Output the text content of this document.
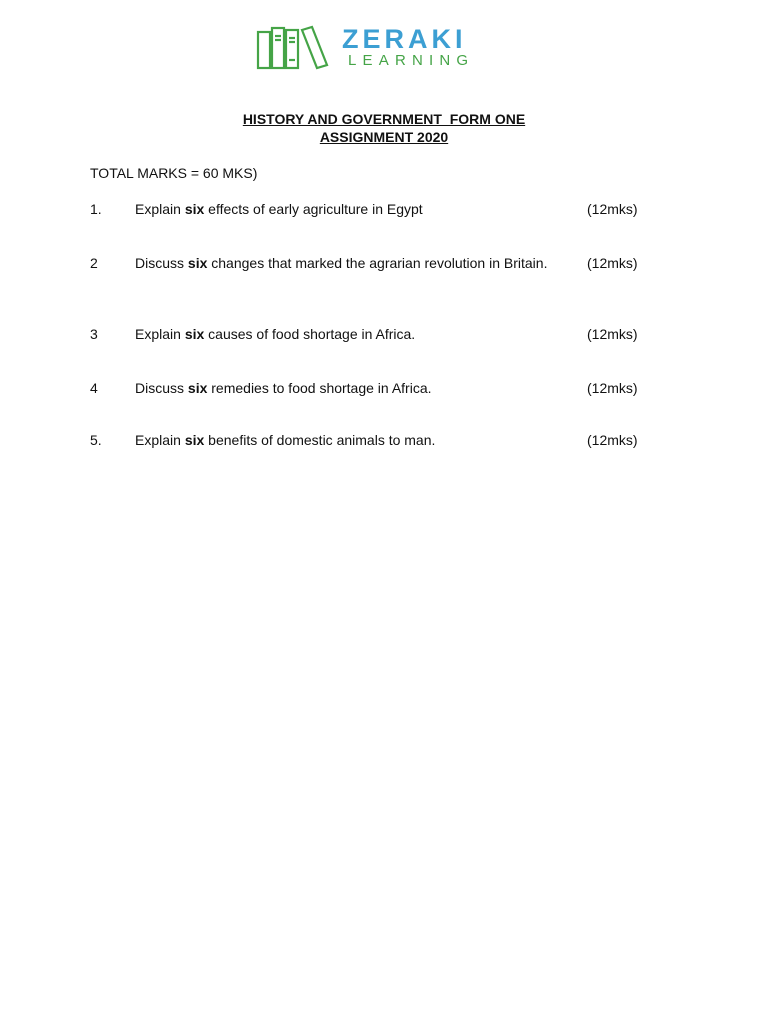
ZERAKI
LEARNING
HISTORY AND GOVERNMENT  FORM ONE
ASSIGNMENT 2020
TOTAL MARKS = 60 MKS)
1. Explain six effects of early agriculture in Egypt	(12mks)
2	Discuss six changes that marked the agrarian revolution in Britain.	(12mks)
3	Explain six causes of food shortage in Africa.	(12mks)
4	Discuss six remedies to food shortage in Africa.	(12mks)
5. Explain six benefits of domestic animals to man.	(12mks)
